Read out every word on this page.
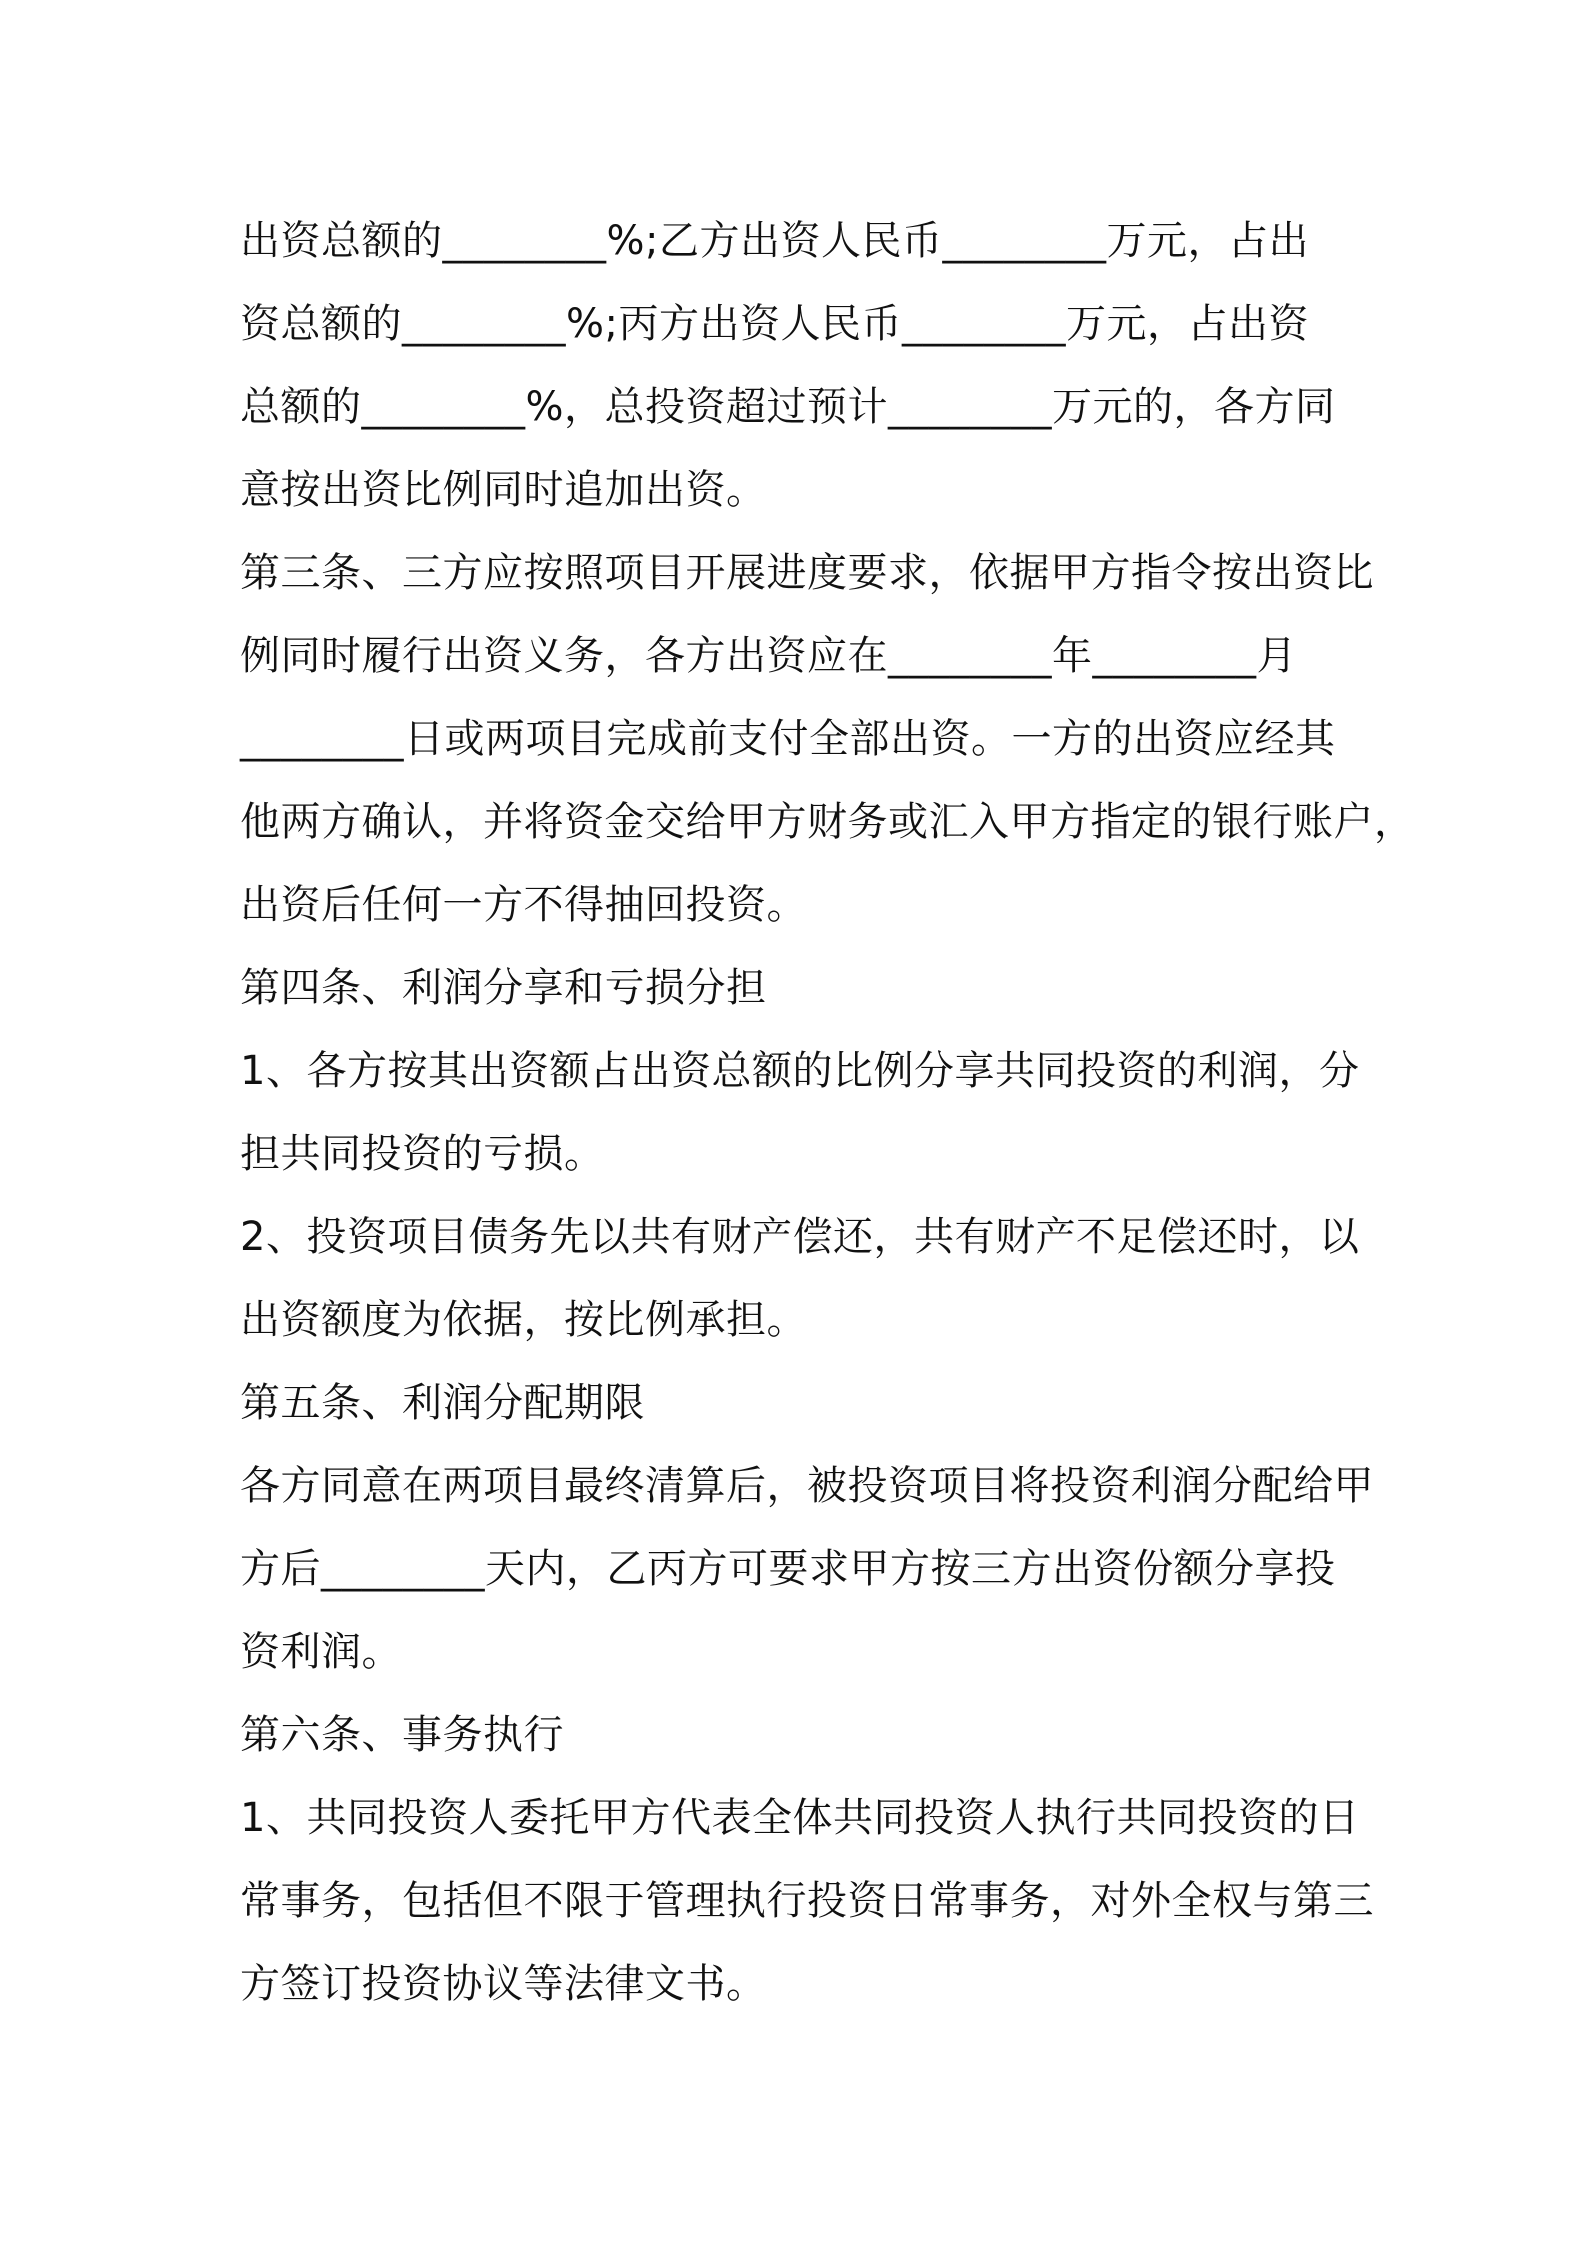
出资总额的________%;乙方出资人民币________万元，占出
资总额的________%;丙方出资人民币________万元，占出资
总额的________%，总投资超过预计________万元的，各方同
意按出资比例同时追加出资。
第三条、三方应按照项目开展进度要求，依据甲方指令按出资比
例同时履行出资义务，各方出资应在________年________月
________日或两项目完成前支付全部出资。一方的出资应经其
他两方确认，并将资金交给甲方财务或汇入甲方指定的银行账户，
出资后任何一方不得抽回投资。
第四条、利润分享和亏损分担
1、各方按其出资额占出资总额的比例分享共同投资的利润，分
担共同投资的亏损。
2、投资项目债务先以共有财产偿还，共有财产不足偿还时，以
出资额度为依据，按比例承担。
第五条、利润分配期限
各方同意在两项目最终清算后，被投资项目将投资利润分配给甲
方后________天内，乙丙方可要求甲方按三方出资份额分享投
资利润。
第六条、事务执行
1、共同投资人委托甲方代表全体共同投资人执行共同投资的日
常事务，包括但不限于管理执行投资日常事务，对外全权与第三
方签订投资协议等法律文书。
